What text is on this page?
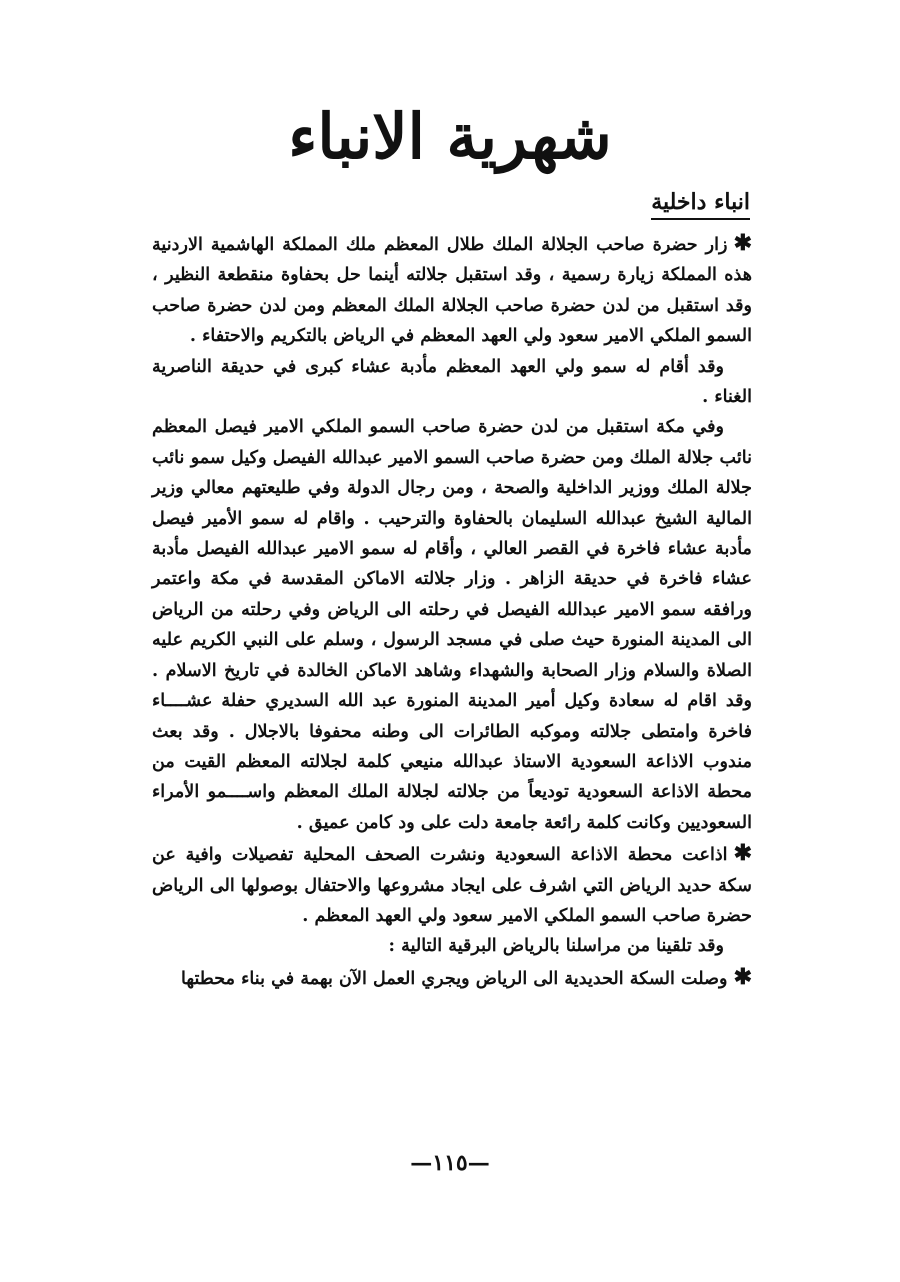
شهرية الانباء
انباء داخلية

✱زار حضرة صاحب الجلالة الملك طلال المعظم ملك المملكة الهاشمية الاردنية هذه المملكة زيارة رسمية ، وقد استقبل جلالته أينما حل بحفاوة منقطعة النظير ، وقد استقبل من لدن حضرة صاحب الجلالة الملك المعظم ومن لدن حضرة صاحب السمو الملكي الامير سعود ولي العهد المعظم في الرياض بالتكريم والاحتفاء .

وقد أقام له سمو ولي العهد المعظم مأدبة عشاء كبرى في حديقة الناصرية الغناء .

وفي مكة استقبل من لدن حضرة صاحب السمو الملكي الامير فيصل المعظم نائب جلالة الملك ومن حضرة صاحب السمو الامير عبدالله الفيصل وكيل سمو نائب جلالة الملك ووزير الداخلية والصحة ، ومن رجال الدولة وفي طليعتهم معالي وزير المالية الشيخ عبدالله السليمان بالحفاوة والترحيب . واقام له سمو الأمير فيصل مأدبة عشاء فاخرة في القصر العالي ، وأقام له سمو الامير عبدالله الفيصل مأدبة عشاء فاخرة في حديقة الزاهر . وزار جلالته الاماكن المقدسة في مكة واعتمر ورافقه سمو الامير عبدالله الفيصل في رحلته الى الرياض وفي رحلته من الرياض الى المدينة المنورة حيث صلى في مسجد الرسول ، وسلم على النبي الكريم عليه الصلاة والسلام وزار الصحابة والشهداء وشاهد الاماكن الخالدة في تاريخ الاسلام . وقد اقام له سعادة وكيل أمير المدينة المنورة عبد الله السديري حفلة عشــــاء فاخرة وامتطى جلالته وموكبه الطائرات الى وطنه محفوفا بالاجلال . وقد بعث مندوب الاذاعة السعودية الاستاذ عبدالله منيعي كلمة لجلالته المعظم القيت من محطة الاذاعة السعودية توديعاً من جلالته لجلالة الملك المعظم واســــمو الأمراء السعوديين وكانت كلمة رائعة جامعة دلت على ود كامن عميق .

✱اذاعت محطة الاذاعة السعودية ونشرت الصحف المحلية تفصيلات وافية عن سكة حديد الرياض التي اشرف على ايجاد مشروعها والاحتفال بوصولها الى الرياض حضرة صاحب السمو الملكي الامير سعود ولي العهد المعظم .

وقد تلقينا من مراسلنا بالرياض البرقية التالية :

✱وصلت السكة الحديدية الى الرياض ويجري العمل الآن بهمة في بناء محطتها

—١١٥—
